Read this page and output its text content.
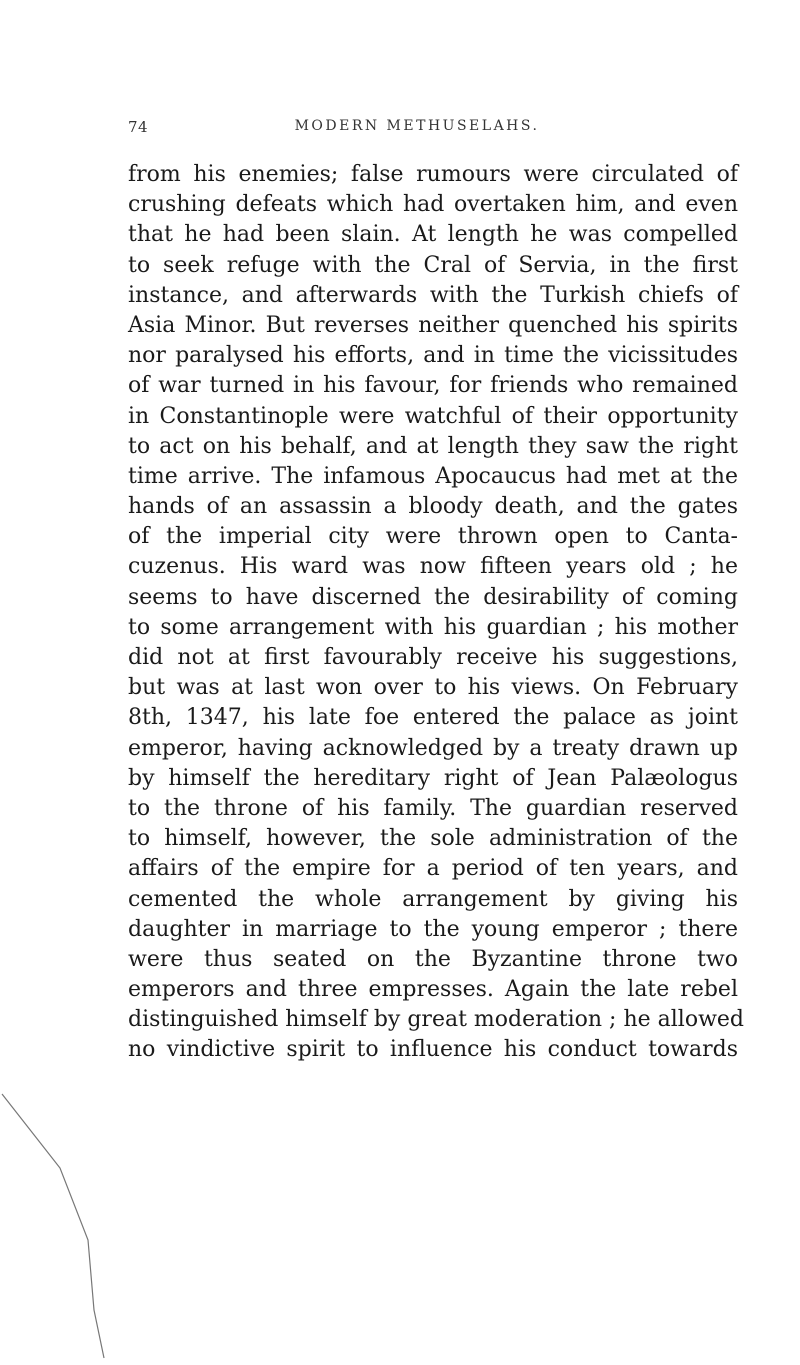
74	MODERN METHUSELAHS.
from his enemies; false rumours were circulated of
crushing defeats which had overtaken him, and even
that he had been slain. At length he was compelled
to seek refuge with the Cral of Servia, in the first
instance, and afterwards with the Turkish chiefs of
Asia Minor. But reverses neither quenched his spirits
nor paralysed his efforts, and in time the vicissitudes
of war turned in his favour, for friends who remained
in Constantinople were watchful of their opportunity
to act on his behalf, and at length they saw the right
time arrive. The infamous Apocaucus had met at the
hands of an assassin a bloody death, and the gates
of the imperial city were thrown open to Canta-
cuzenus. His ward was now fifteen years old ; he
seems to have discerned the desirability of coming
to some arrangement with his guardian ; his mother
did not at first favourably receive his suggestions,
but was at last won over to his views. On February
8th, 1347, his late foe entered the palace as joint
emperor, having acknowledged by a treaty drawn up
by himself the hereditary right of Jean Palæologus
to the throne of his family. The guardian reserved
to himself, however, the sole administration of the
affairs of the empire for a period of ten years, and
cemented the whole arrangement by giving his
daughter in marriage to the young emperor ; there
were thus seated on the Byzantine throne two
emperors and three empresses. Again the late rebel
distinguished himself by great moderation ; he allowed
no vindictive spirit to influence his conduct towards
